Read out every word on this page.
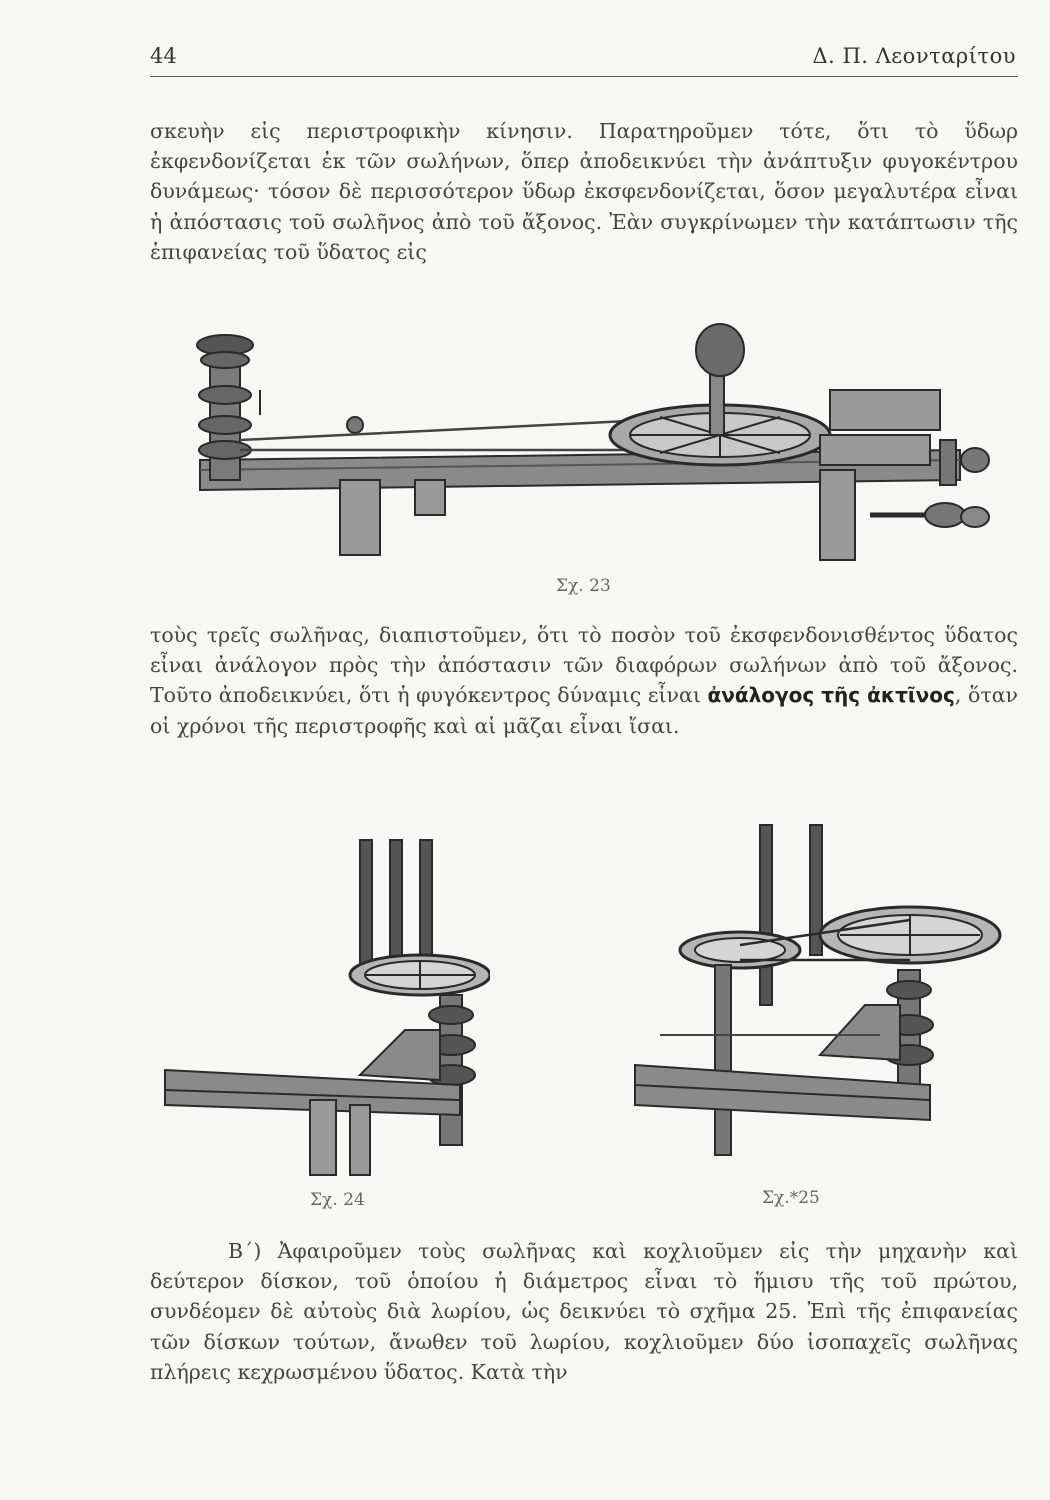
44	Δ. Π. Λεονταρίτου

σκευὴν εἰς περιστροφικὴν κίνησιν. Παρατηροῦμεν τότε, ὅτι τὸ ὕδωρ ἐκφενδονίζεται ἐκ τῶν σωλήνων, ὅπερ ἀποδεικνύει τὴν ἀνάπτυξιν φυγοκέντρου δυνάμεως· τόσον δὲ περισσότερον ὕδωρ ἐκσφενδονίζεται, ὅσον μεγαλυτέρα εἶναι ἡ ἀπόστασις τοῦ σωλῆνος ἀπὸ τοῦ ἄξονος. Ἐὰν συγκρίνωμεν τὴν κατάπτωσιν τῆς ἐπιφανείας τοῦ ὕδατος εἰς

Σχ. 23

τοὺς τρεῖς σωλῆνας, διαπιστοῦμεν, ὅτι τὸ ποσὸν τοῦ ἐκσφενδονισθέντος ὕδατος εἶναι ἀνάλογον πρὸς τὴν ἀπόστασιν τῶν διαφόρων σωλήνων ἀπὸ τοῦ ἄξονος. Τοῦτο ἀποδεικνύει, ὅτι ἡ φυγόκεντρος δύναμις εἶναι ἀνάλογος τῆς ἀκτῖνος, ὅταν οἱ χρόνοι τῆς περιστροφῆς καὶ αἱ μᾶζαι εἶναι ἴσαι.

Σχ. 24	Σχ.*25

Β΄) Ἀφαιροῦμεν τοὺς σωλῆνας καὶ κοχλιοῦμεν εἰς τὴν μηχανὴν καὶ δεύτερον δίσκον, τοῦ ὁποίου ἡ διάμετρος εἶναι τὸ ἥμισυ τῆς τοῦ πρώτου, συνδέομεν δὲ αὐτοὺς διὰ λωρίου, ὡς δεικνύει τὸ σχῆμα 25. Ἐπὶ τῆς ἐπιφανείας τῶν δίσκων τούτων, ἄνωθεν τοῦ λωρίου, κοχλιοῦμεν δύο ἰσοπαχεῖς σωλῆνας πλήρεις κεχρωσμένου ὕδατος. Κατὰ τὴν
